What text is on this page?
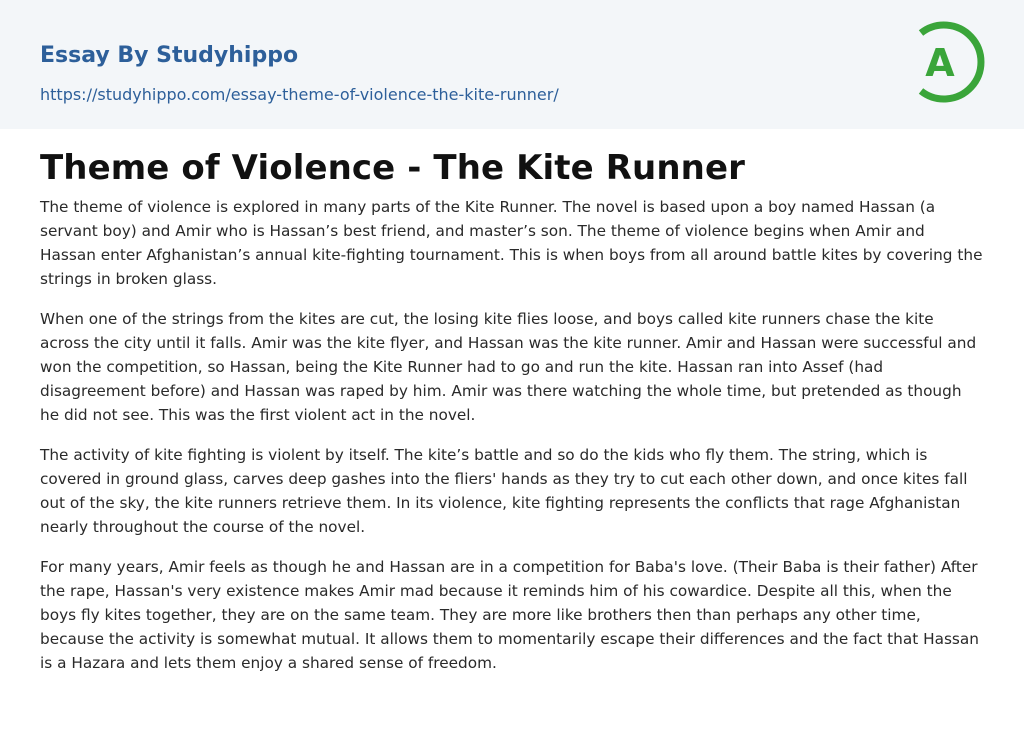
Essay By Studyhippo
https://studyhippo.com/essay-theme-of-violence-the-kite-runner/
A
Theme of Violence - The Kite Runner

The theme of violence is explored in many parts of the Kite Runner. The novel is based upon a boy named Hassan (a servant boy) and Amir who is Hassan’s best friend, and master’s son. The theme of violence begins when Amir and Hassan enter Afghanistan’s annual kite-fighting tournament. This is when boys from all around battle kites by covering the strings in broken glass.

When one of the strings from the kites are cut, the losing kite flies loose, and boys called kite runners chase the kite across the city until it falls. Amir was the kite flyer, and Hassan was the kite runner. Amir and Hassan were successful and won the competition, so Hassan, being the Kite Runner had to go and run the kite. Hassan ran into Assef (had disagreement before) and Hassan was raped by him. Amir was there watching the whole time, but pretended as though he did not see. This was the first violent act in the novel.

The activity of kite fighting is violent by itself. The kite’s battle and so do the kids who fly them. The string, which is covered in ground glass, carves deep gashes into the fliers' hands as they try to cut each other down, and once kites fall out of the sky, the kite runners retrieve them. In its violence, kite fighting represents the conflicts that rage Afghanistan nearly throughout the course of the novel.

For many years, Amir feels as though he and Hassan are in a competition for Baba's love. (Their Baba is their father) After the rape, Hassan's very existence makes Amir mad because it reminds him of his cowardice. Despite all this, when the boys fly kites together, they are on the same team. They are more like brothers then than perhaps any other time, because the activity is somewhat mutual. It allows them to momentarily escape their differences and the fact that Hassan is a Hazara and lets them enjoy a shared sense of freedom.
